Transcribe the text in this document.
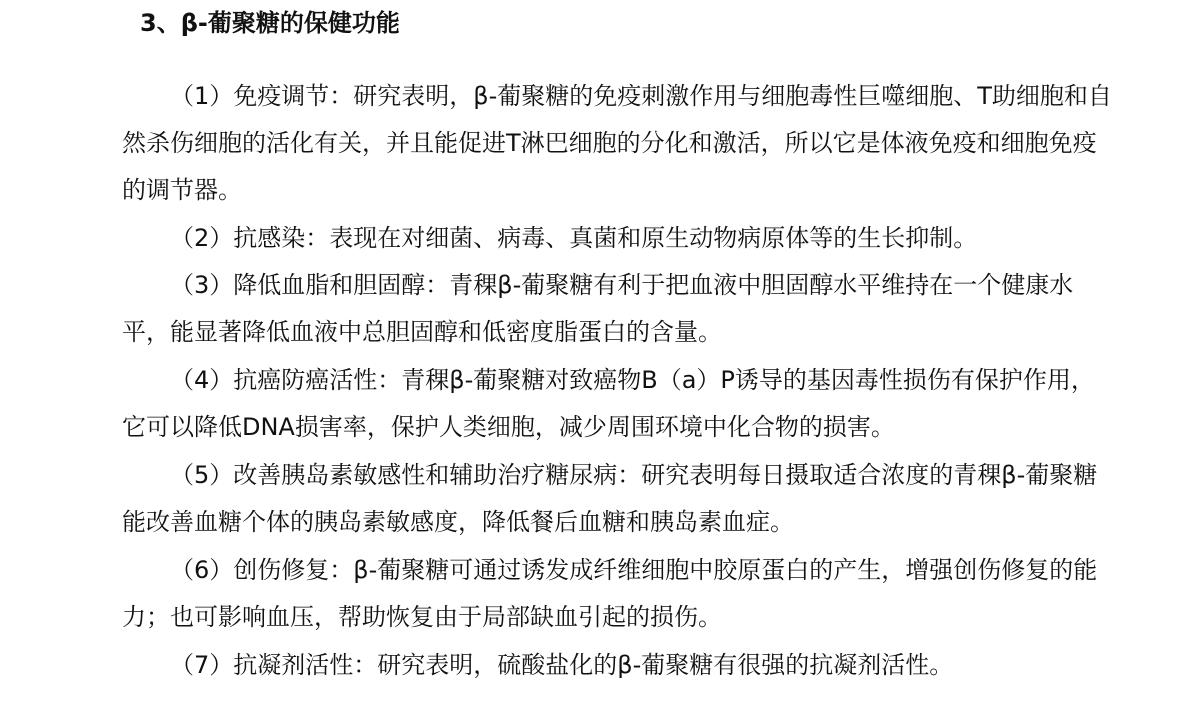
3、β-葡聚糖的保健功能

（1）免疫调节：研究表明，β-葡聚糖的免疫刺激作用与细胞毒性巨噬细胞、T助细胞和自然杀伤细胞的活化有关，并且能促进T淋巴细胞的分化和激活，所以它是体液免疫和细胞免疫的调节器。

（2）抗感染：表现在对细菌、病毒、真菌和原生动物病原体等的生长抑制。

（3）降低血脂和胆固醇：青稞β-葡聚糖有利于把血液中胆固醇水平维持在一个健康水平，能显著降低血液中总胆固醇和低密度脂蛋白的含量。

（4）抗癌防癌活性：青稞β-葡聚糖对致癌物B（a）P诱导的基因毒性损伤有保护作用，它可以降低DNA损害率，保护人类细胞，减少周围环境中化合物的损害。

（5）改善胰岛素敏感性和辅助治疗糖尿病：研究表明每日摄取适合浓度的青稞β-葡聚糖能改善血糖个体的胰岛素敏感度，降低餐后血糖和胰岛素血症。

（6）创伤修复：β-葡聚糖可通过诱发成纤维细胞中胶原蛋白的产生，增强创伤修复的能力；也可影响血压，帮助恢复由于局部缺血引起的损伤。

（7）抗凝剂活性：研究表明，硫酸盐化的β-葡聚糖有很强的抗凝剂活性。
